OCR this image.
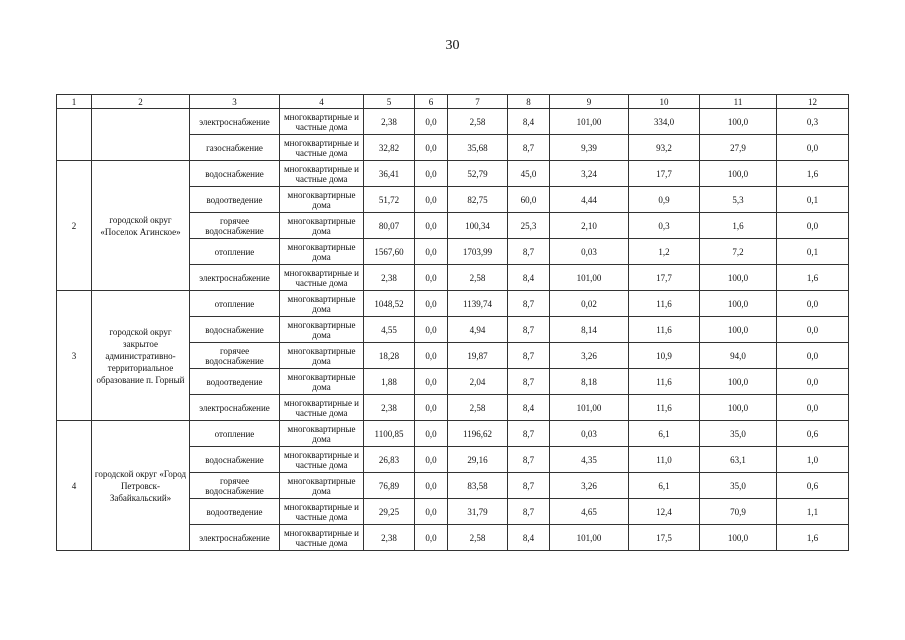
30
1	2	3	4	5	6	7	8	9	10	11	12
		электроснабжение	многоквартирные и частные дома	2,38	0,0	2,58	8,4	101,00	334,0	100,0	0,3
		газоснабжение	многоквартирные и частные дома	32,82	0,0	35,68	8,7	9,39	93,2	27,9	0,0
2	городской округ «Поселок Агинское»	водоснабжение	многоквартирные и частные дома	36,41	0,0	52,79	45,0	3,24	17,7	100,0	1,6
		водоотведение	многоквартирные дома	51,72	0,0	82,75	60,0	4,44	0,9	5,3	0,1
		горячее водоснабжение	многоквартирные дома	80,07	0,0	100,34	25,3	2,10	0,3	1,6	0,0
		отопление	многоквартирные дома	1567,60	0,0	1703,99	8,7	0,03	1,2	7,2	0,1
		электроснабжение	многоквартирные и частные дома	2,38	0,0	2,58	8,4	101,00	17,7	100,0	1,6
3	городской округ закрытое административно-территориальное образование п. Горный	отопление	многоквартирные дома	1048,52	0,0	1139,74	8,7	0,02	11,6	100,0	0,0
		водоснабжение	многоквартирные дома	4,55	0,0	4,94	8,7	8,14	11,6	100,0	0,0
		горячее водоснабжение	многоквартирные дома	18,28	0,0	19,87	8,7	3,26	10,9	94,0	0,0
		водоотведение	многоквартирные дома	1,88	0,0	2,04	8,7	8,18	11,6	100,0	0,0
		электроснабжение	многоквартирные и частные дома	2,38	0,0	2,58	8,4	101,00	11,6	100,0	0,0
4	городской округ «Город Петровск-Забайкальский»	отопление	многоквартирные дома	1100,85	0,0	1196,62	8,7	0,03	6,1	35,0	0,6
		водоснабжение	многоквартирные и частные дома	26,83	0,0	29,16	8,7	4,35	11,0	63,1	1,0
		горячее водоснабжение	многоквартирные дома	76,89	0,0	83,58	8,7	3,26	6,1	35,0	0,6
		водоотведение	многоквартирные и частные дома	29,25	0,0	31,79	8,7	4,65	12,4	70,9	1,1
		электроснабжение	многоквартирные и частные дома	2,38	0,0	2,58	8,4	101,00	17,5	100,0	1,6
